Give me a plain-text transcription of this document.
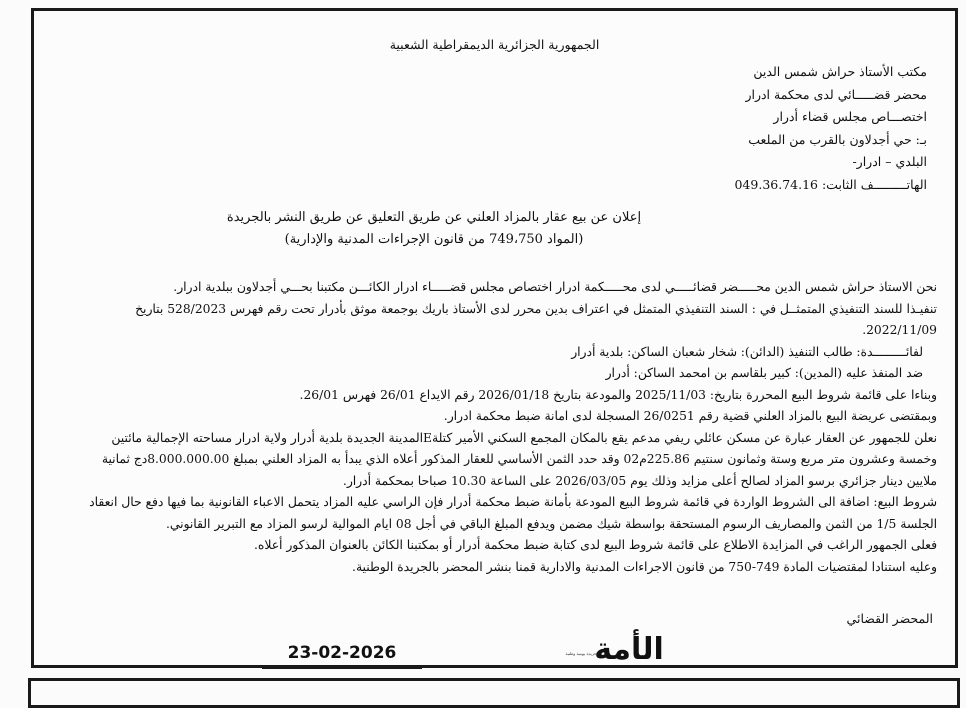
الجمهورية الجزائرية الديمقراطية الشعبية
مكتب الأستاذ حراش شمس الدين
محضر قضـــــائي لدى محكمة ادرار
اختصـــاص مجلس قضاء أدرار
بـ: حي أجدلاون بالقرب من الملعب
البلدي – ادرار-
الهاتـــــــــف الثابت: 049.36.74.16
إعلان عن بيع عقار بالمزاد العلني عن طريق التعليق عن طريق النشر بالجريدة
(المواد 749،750 من قانون الإجراءات المدنية والإدارية)

نحن الاستاذ حراش شمس الدين محـــــضر قضائـــــي لدى محـــــكمة ادرار اختصاص مجلس قضـــــاء ادرار الكائـــن مكتبنا بحـــي أجدلاون ببلدية ادرار.

تنفيـذا للسند التنفيذي المتمثــل في : السند التنفيذي المتمثل في اعتراف بدين محرر لدى الأستاذ باريك بوجمعة موثق بأدرار تحت رقم فهرس 528/2023 بتاريخ 2022/11/09.

لفائـــــــــدة: طالب التنفيذ (الدائن): شخار شعبان الساكن: بلدية أدرار

ضد المنفذ عليه (المدين): كبير بلقاسم بن امحمد الساكن: أدرار

وبناءا على قائمة شروط البيع المحررة بتاريخ: 2025/11/03 والمودعة بتاريخ 2026/01/18 رقم الايداع 26/01 فهرس 26/01.

وبمقتضى عريضة البيع بالمزاد العلني قضية رقم 26/0251 المسجلة لدى امانة ضبط محكمة ادرار.

نعلن للجمهور عن العقار عبارة عن مسكن عائلي ريفي مدعم يقع بالمكان المجمع السكني الأمير كتلةEالمدينة الجديدة بلدية أدرار ولاية ادرار مساحته الإجمالية مائتين وخمسة وعشرون متر مربع وستة وثمانون سنتيم 225.86م02 وقد حدد الثمن الأساسي للعقار المذكور أعلاه الذي يبدأ به المزاد العلني بمبلغ 8.000.000.00دج ثمانية ملايين دينار جزائري برسو المزاد لصالح أعلى مزايد وذلك يوم 2026/03/05 على الساعة 10.30 صباحا بمحكمة أدرار.

شروط البيع: اضافة الى الشروط الواردة في قائمة شروط البيع المودعة بأمانة ضبط محكمة أدرار فإن الراسي عليه المزاد يتحمل الاعباء القانونية بما فيها دفع حال انعقاد الجلسة 1/5 من الثمن والمصاريف الرسوم المستحقة بواسطة شيك مضمن ويدفع المبلغ الباقي في أجل 08 ايام الموالية لرسو المزاد مع التبرير القانوني.

فعلى الجمهور الراغب في المزايدة الاطلاع على قائمة شروط البيع لدى كتابة ضبط محكمة أدرار أو بمكتبنا الكائن بالعنوان المذكور أعلاه.

وعليه استنادا لمقتضيات المادة 749-750 من قانون الاجراءات المدنية والادارية قمنا بنشر المحضر بالجريدة الوطنية.

المحضر القضائي
23-02-2026	الأمة
جريدة يومية وطنية
